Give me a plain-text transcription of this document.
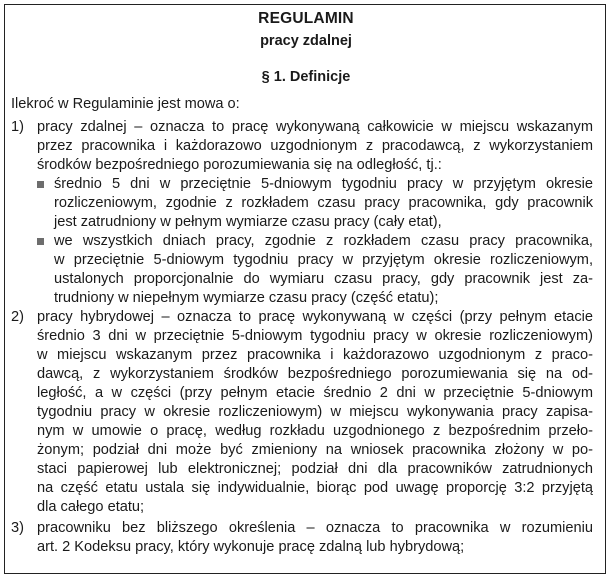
REGULAMIN
pracy zdalnej
§ 1. Definicje
Ilekroć w Regulaminie jest mowa o:
1) pracy zdalnej – oznacza to pracę wykonywaną całkowicie w miejscu wskazanym
przez pracownika i każdorazowo uzgodnionym z pracodawcą, z wykorzystaniem
środków bezpośredniego porozumiewania się na odległość, tj.:
średnio 5 dni w przeciętnie 5-dniowym tygodniu pracy w przyjętym okresie
rozliczeniowym, zgodnie z rozkładem czasu pracy pracownika, gdy pracownik
jest zatrudniony w pełnym wymiarze czasu pracy (cały etat),
we wszystkich dniach pracy, zgodnie z rozkładem czasu pracy pracownika,
w przeciętnie 5-dniowym tygodniu pracy w przyjętym okresie rozliczeniowym,
ustalonych proporcjonalnie do wymiaru czasu pracy, gdy pracownik jest za-
trudniony w niepełnym wymiarze czasu pracy (część etatu);
2) pracy hybrydowej – oznacza to pracę wykonywaną w części (przy pełnym etacie
średnio 3 dni w przeciętnie 5-dniowym tygodniu pracy w okresie rozliczeniowym)
w miejscu wskazanym przez pracownika i każdorazowo uzgodnionym z praco-
dawcą, z wykorzystaniem środków bezpośredniego porozumiewania się na od-
ległość, a w części (przy pełnym etacie średnio 2 dni w przeciętnie 5-dniowym
tygodniu pracy w okresie rozliczeniowym) w miejscu wykonywania pracy zapisa-
nym w umowie o pracę, według rozkładu uzgodnionego z bezpośrednim przeło-
żonym; podział dni może być zmieniony na wniosek pracownika złożony w po-
staci papierowej lub elektronicznej; podział dni dla pracowników zatrudnionych
na część etatu ustala się indywidualnie, biorąc pod uwagę proporcję 3:2 przyjętą
dla całego etatu;
3) pracowniku bez bliższego określenia – oznacza to pracownika w rozumieniu
art. 2 Kodeksu pracy, który wykonuje pracę zdalną lub hybrydową;
